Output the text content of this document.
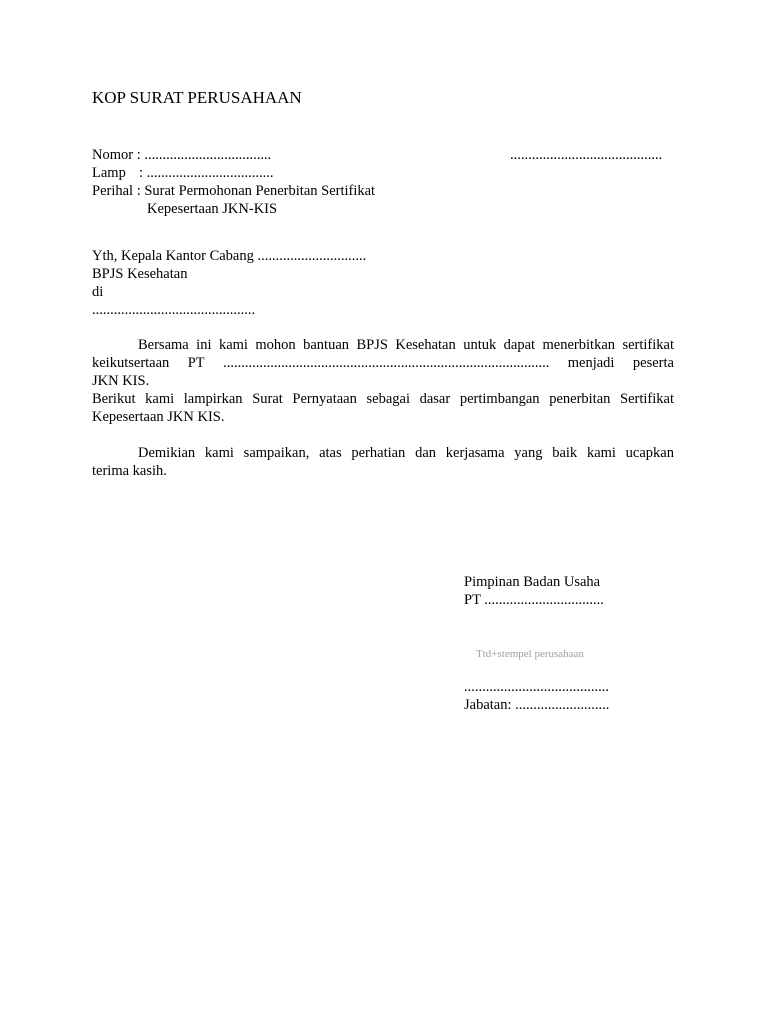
KOP SURAT PERUSAHAAN
Nomor : ...................................
Lamp : ...................................
Perihal : Surat Permohonan Penerbitan Sertifikat
Kepesertaan JKN-KIS
..........................................
Yth, Kepala Kantor Cabang ..............................
BPJS Kesehatan
di
.............................................
Bersama ini kami mohon bantuan BPJS Kesehatan untuk dapat menerbitkan sertifikat
keikutsertaan PT .......................................................................................... menjadi peserta
JKN KIS.
Berikut kami lampirkan Surat Pernyataan sebagai dasar pertimbangan penerbitan Sertifikat
Kepesertaan JKN KIS.
Demikian kami sampaikan, atas perhatian dan kerjasama yang baik kami ucapkan
terima kasih.
Pimpinan Badan Usaha
PT .................................
Ttd+stempel perusahaan
........................................
Jabatan: ..........................
